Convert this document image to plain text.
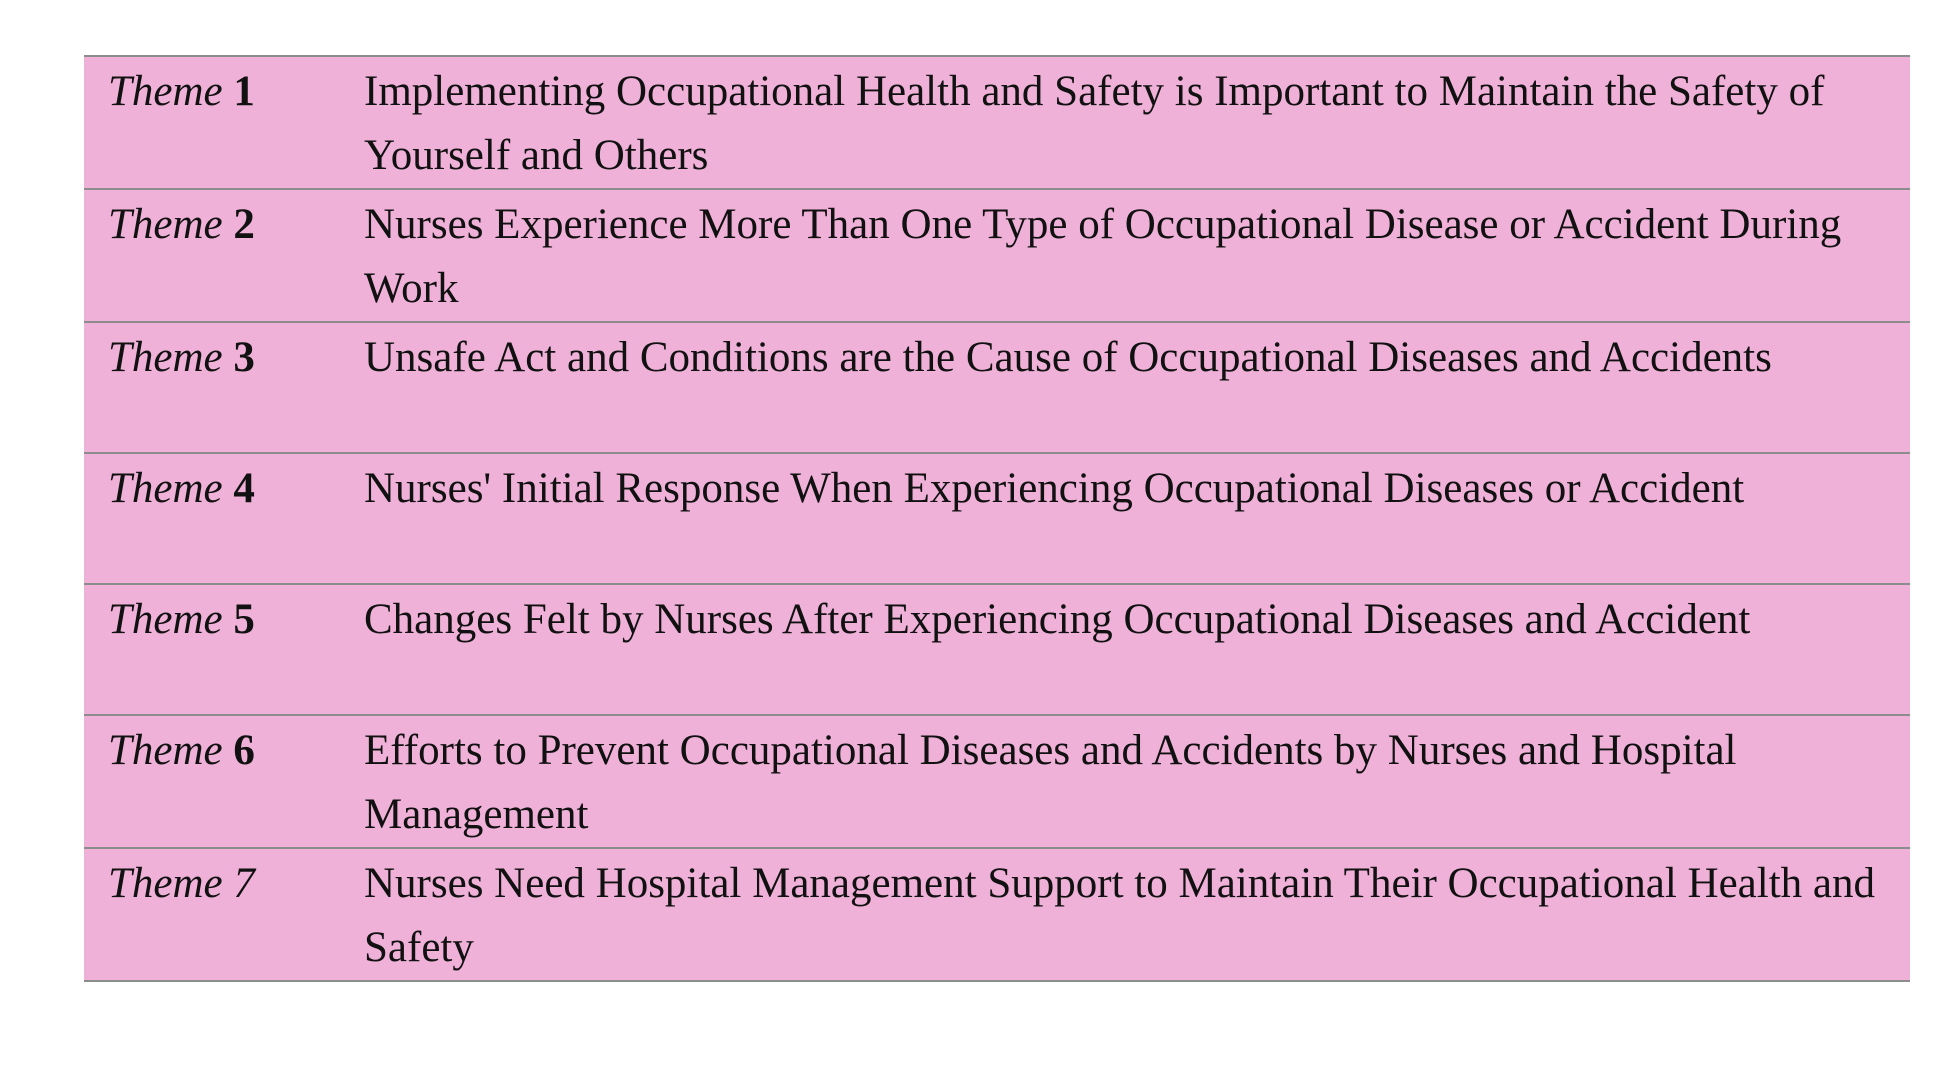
Theme 1	Implementing Occupational Health and Safety is Important to Maintain the Safety of Yourself and Others

Theme 2	Nurses Experience More Than One Type of Occupational Disease or Accident During Work

Theme 3	Unsafe Act and Conditions are the Cause of Occupational Diseases and Accidents

Theme 4	Nurses' Initial Response When Experiencing Occupational Diseases or Accident

Theme 5	Changes Felt by Nurses After Experiencing Occupational Diseases and Accident

Theme 6	Efforts to Prevent Occupational Diseases and Accidents by Nurses and Hospital Management

Theme 7	Nurses Need Hospital Management Support to Maintain Their Occupational Health and Safety
